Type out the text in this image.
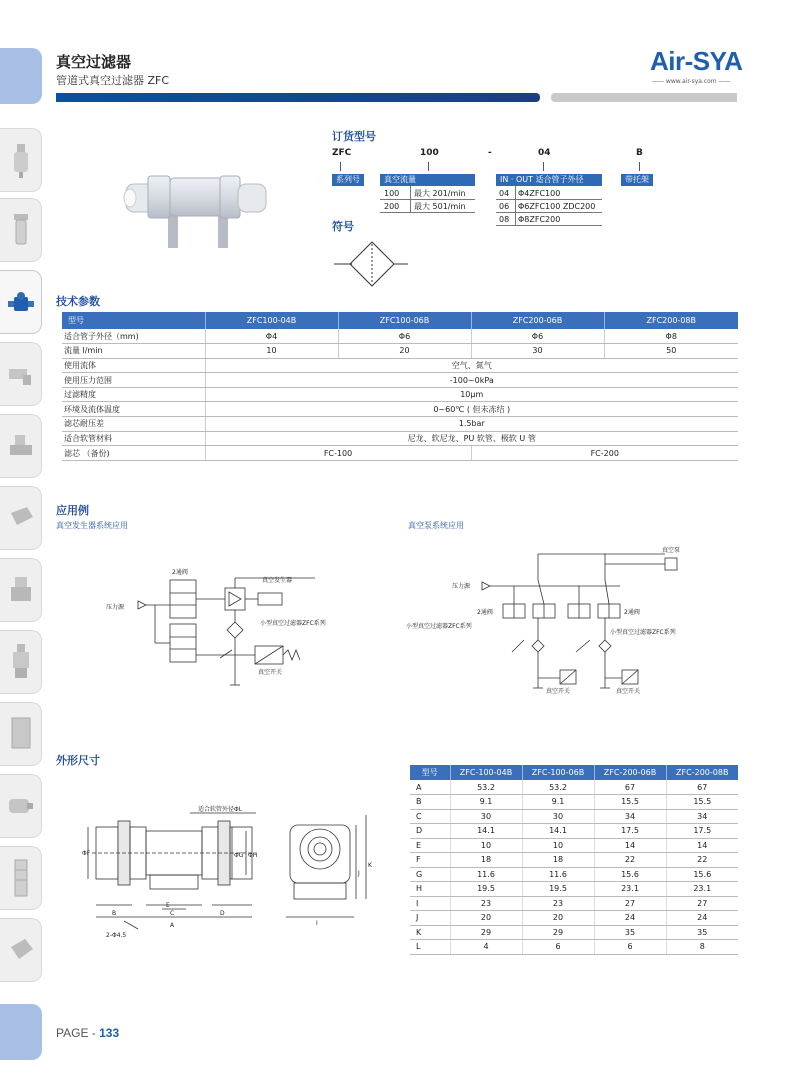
真空过滤器
管道式真空过滤器 ZFC
Air-SYA
—— www.air-sya.com ——
订货型号
ZFC	100	-	04	B
系列号	真空流量
100 最大 201/min
200 最大 501/min
IN · OUT 适合管子外径
04 Φ4ZFC100
06 Φ6ZFC100 ZDC200
08 Φ8ZFC200
带托架
符号
技术参数
型号	ZFC100-04B	ZFC100-06B	ZFC200-06B	ZFC200-08B
适合管子外径（mm)	Φ4	Φ6	Φ6	Φ8
流量 l/min	10	20	30	50
使用流体	空气、氮气			
使用压力范围	-100~0kPa			
过滤精度	10μm			
环境及流体温度	0~60℃ ( 但未冻结 )			
滤芯耐压差	1.5bar			
适合软管材料	尼龙、软尼龙、PU 软管、极软 U 管			
滤芯 （备份)	FC-100		FC-200	
应用例
真空发生器系统应用	真空泵系统应用
2通阀
真空发生器
压力源
小型真空过滤器ZFC系列
真空开关
真空泵
压力源
2通阀	2通阀
小型真空过滤器ZFC系列
小型真空过滤器ZFC系列
真空开关	真空开关
外形尺寸
适合软管外径ΦL
ΦF	ΦG ΦH
B	C	D
E
A
2-Φ4.5
I
J
K
型号	ZFC-100-04B	ZFC-100-06B	ZFC-200-06B	ZFC-200-08B
A	53.2	53.2	67	67
B	9.1	9.1	15.5	15.5
C	30	30	34	34
D	14.1	14.1	17.5	17.5
E	10	10	14	14
F	18	18	22	22
G	11.6	11.6	15.6	15.6
H	19.5	19.5	23.1	23.1
I	23	23	27	27
J	20	20	24	24
K	29	29	35	35
L	4	6	6	8
PAGE - 133
